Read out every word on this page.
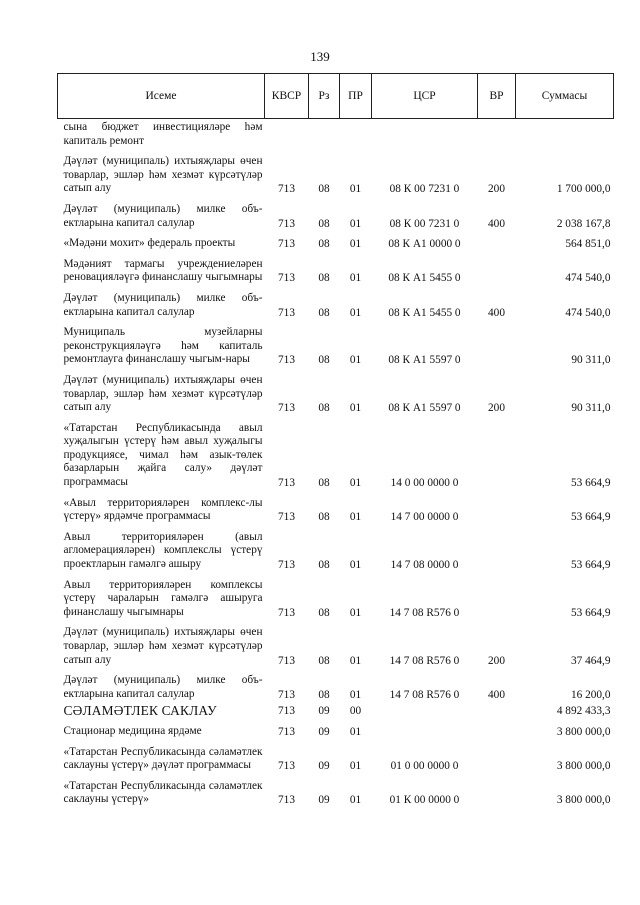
139
Исеме	КВСР	Рз	ПР	ЦСР	ВР	Суммасы
сына бюджет инвестицияләре һәм капиталь ремонт						
Дәүләт (муниципаль) ихтыяҗлары өчен товарлар, эшләр һәм хезмәт күрсәтүләр сатып алу	713	08	01	08 К 00 7231 0	200	1 700 000,0
Дәүләт (муниципаль) милке объ-ектларына капитал салулар	713	08	01	08 К 00 7231 0	400	2 038 167,8
«Мәдәни мохит» федераль проекты	713	08	01	08 К А1 0000 0		564 851,0
Мәдәният тармагы учреждениеләрен реновацияләүгә финанслашу чыгымнары	713	08	01	08 К А1 5455 0		474 540,0
Дәүләт (муниципаль) милке объ-ектларына капитал салулар	713	08	01	08 К А1 5455 0	400	474 540,0
Муниципаль музейларны реконструкцияләүгә һәм капиталь ремонтлауга финанслашу чыгым-нары	713	08	01	08 К А1 5597 0		90 311,0
Дәүләт (муниципаль) ихтыяҗлары өчен товарлар, эшләр һәм хезмәт күрсәтүләр сатып алу	713	08	01	08 К А1 5597 0	200	90 311,0
«Татарстан Республикасында авыл хуҗалыгын үстерү һәм авыл хуҗалыгы продукциясе, чимал һәм азык-төлек базарларын җайга салу» дәүләт программасы	713	08	01	14 0 00 0000 0		53 664,9
«Авыл территорияләрен комплекс-лы үстерү» ярдәмче программасы	713	08	01	14 7 00 0000 0		53 664,9
Авыл территорияләрен (авыл агломерацияләрен) комплекслы үстерү проектларын гамәлгә ашыру	713	08	01	14 7 08 0000 0		53 664,9
Авыл территорияләрен комплексы үстерү чараларын гамәлгә ашыруга финанслашу чыгымнары	713	08	01	14 7 08 R576 0		53 664,9
Дәүләт (муниципаль) ихтыяҗлары өчен товарлар, эшләр һәм хезмәт күрсәтүләр сатып алу	713	08	01	14 7 08 R576 0	200	37 464,9
Дәүләт (муниципаль) милке объ-ектларына капитал салулар	713	08	01	14 7 08 R576 0	400	16 200,0
СӘЛАМӘТЛЕК САКЛАУ	713	09	00			4 892 433,3
Стационар медицина ярдәме	713	09	01			3 800 000,0
«Татарстан Республикасында сәламәтлек саклауны үстерү» дәүләт программасы	713	09	01	01 0 00 0000 0		3 800 000,0
«Татарстан Республикасында сәламәтлек саклауны үстерү»	713	09	01	01 К 00 0000 0		3 800 000,0
